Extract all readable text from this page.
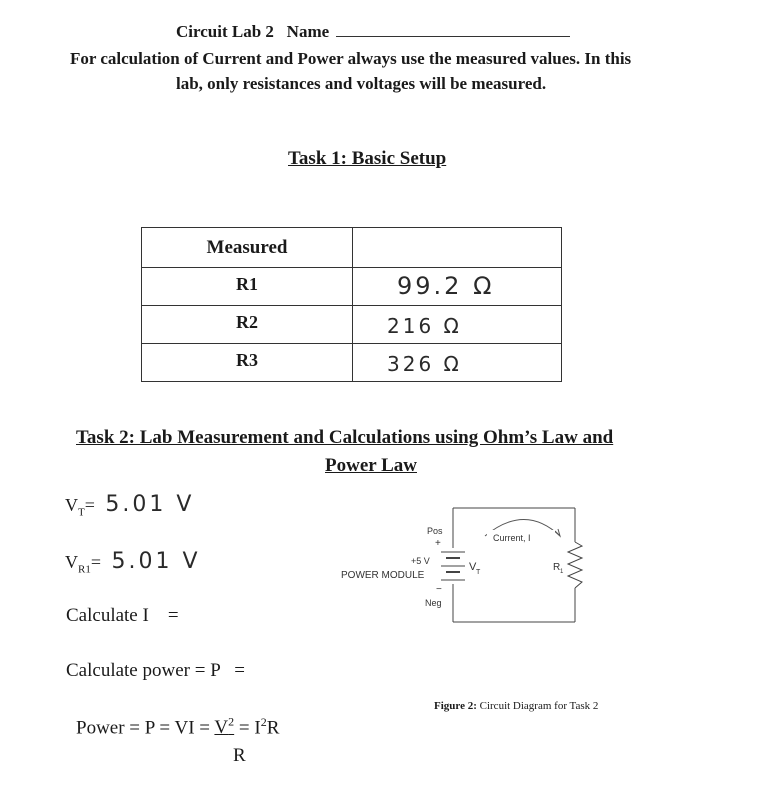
Circuit Lab 2 Name
For calculation of Current and Power always use the measured values. In this
lab, only resistances and voltages will be measured.
Task 1: Basic Setup
Measured	
R1	99.2 Ω

R2	216 Ω

R3	326 Ω
Task 2: Lab Measurement and Calculations using Ohm’s Law and
Power Law
$V_T= 5.01$ V
$V_{R1}= 5.01$ V
Calculate I    =
Calculate power = P   =
Power = P = VI = $V^2 = I^2R$
R
Current, I
Pos
+
+5 V
POWER MODULE
−
Neg
V T	R 1
Figure 2: Circuit Diagram for Task 2
